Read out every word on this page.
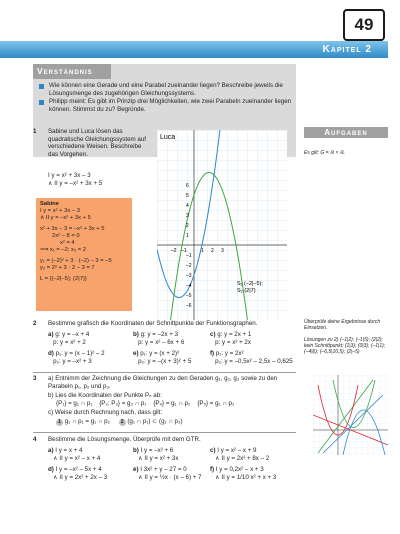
49
Kapitel 2
Verständnis
Wie können eine Gerade und eine Parabel zueinander liegen? Beschreibe jeweils die Lösungsmenge des zugehörigen Gleichungssystems.
Philipp meint: Es gibt im Prinzip drei Möglichkeiten, wie zwei Parabeln zueinander liegen können. Stimmst du zu? Begründe.
Aufgaben
Es gilt: G = ℝ × ℝ.
1	Sabine und Luca lösen das quadratische Gleichungssystem auf verschiedene Weisen. Beschreibe das Vorgehen.
I y = x² + 3x – 3
∧ II y = –x² + 3x + 5
Sabine
I y = x² + 3x – 3
∧ II y = –x² + 3x + 5
x² + 3x – 3 = –x² + 3x + 5
2x² – 8 = 0
x² = 4
⟹ x₁ = –2; x₂ = 2
y₁ = (–2)² + 3 · (–2) – 3 = –5
y₂ = 2² + 3 · 2 – 3 = 7
L = {(–2|–5); (2|7)}
Luca
–2 –1	1 2 3
6
5
4
3
2
1
–1
–2
–3
–4
–5
–6
S₁ (–2|–5);
S₂ (2|7)
2 Bestimme grafisch die Koordinaten der Schnittpunkte der Funktionsgraphen.	Überprüfe deine Ergebnisse durch Einsetzen.
Lösungen zu 2) (–1|2); (–1|5); (2|2); kein Schnittpunkt; (1|3); (0|3); (–1|1); (–4|6); (–6,5|10,5); (2|–5)
a) g: y = –x + 4
p: y = x² + 2
b) g: y = –2x + 3
p: y = x² – 6x + 6
c) g: y = 2x + 1
p: y = x² + 2x
d) p₁: y = (x – 1)² – 2
p₂: y = –x² + 3
e) p₁: y = (x + 2)²
p₂: y = –(x + 3)² + 5
f) p₁: y = 2x²
p₂: y = –0,5x² – 2,5x – 0,625
3 a) Entnimm der Zeichnung die Gleichungen zu den Geraden g₁, g₂, g₃ sowie zu den Parabeln p₁, p₂ und p₃.
b) Lies die Koordinaten der Punkte Pₙ ab:
{P₁} = g₁ ∩ p₁ {P₂; P₃} = g₃ ∩ p₁ {P₄} = g₁ ∩ p₂ {P₅} = g₁ ∩ p₂
c) Weise durch Rechnung nach, dass gilt:
1 g₁ ∩ p₁ = g₁ ∩ p₂ 2 (g₁ ∩ p₁) ⊂ (g₁ ∩ p₃)
4 Bestimme die Lösungsmenge. Überprüfe mit dem GTR.
a) I y = x + 4
∧ II y = x² – x + 4
b) I y = –x² + 6
∧ II y = x² + 3x
c) I y = x² – x + 9
∧ II y = 2x² + 8x – 2
d) I y = –x² – 5x + 4
∧ II y = 2x² + 2x – 3
e) I 3x² + y – 27 = 0
∧ II y = ½x · (x – 6) + 7
f) I y = 0,2x² – x + 3
∧ II y = 1/10 x² + x + 3
